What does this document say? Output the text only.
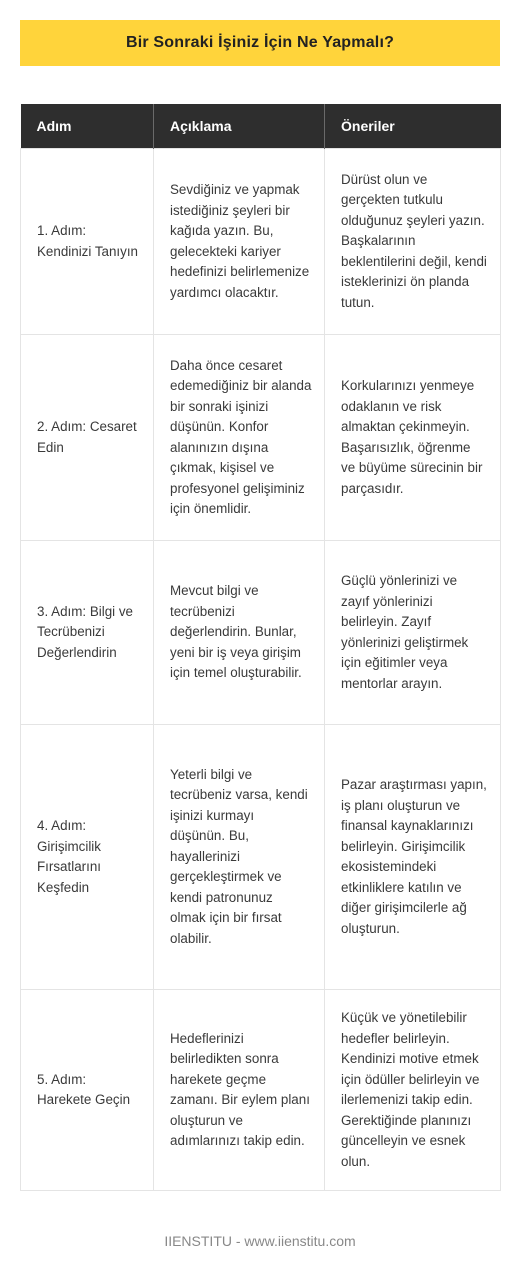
Bir Sonraki İşiniz İçin Ne Yapmalı?
Adım	Açıklama	Öneriler
1. Adım: Kendinizi Tanıyın	Sevdiğiniz ve yapmak istediğiniz şeyleri bir kağıda yazın. Bu, gelecekteki kariyer hedefinizi belirlemenize yardımcı olacaktır.	Dürüst olun ve gerçekten tutkulu olduğunuz şeyleri yazın. Başkalarının beklentilerini değil, kendi isteklerinizi ön planda tutun.
2. Adım: Cesaret Edin	Daha önce cesaret edemediğiniz bir alanda bir sonraki işinizi düşünün. Konfor alanınızın dışına çıkmak, kişisel ve profesyonel gelişiminiz için önemlidir.	Korkularınızı yenmeye odaklanın ve risk almaktan çekinmeyin. Başarısızlık, öğrenme ve büyüme sürecinin bir parçasıdır.
3. Adım: Bilgi ve Tecrübenizi Değerlendirin	Mevcut bilgi ve tecrübenizi değerlendirin. Bunlar, yeni bir iş veya girişim için temel oluşturabilir.	Güçlü yönlerinizi ve zayıf yönlerinizi belirleyin. Zayıf yönlerinizi geliştirmek için eğitimler veya mentorlar arayın.
4. Adım: Girişimcilik Fırsatlarını Keşfedin	Yeterli bilgi ve tecrübeniz varsa, kendi işinizi kurmayı düşünün. Bu, hayallerinizi gerçekleştirmek ve kendi patronunuz olmak için bir fırsat olabilir.	Pazar araştırması yapın, iş planı oluşturun ve finansal kaynaklarınızı belirleyin. Girişimcilik ekosistemindeki etkinliklere katılın ve diğer girişimcilerle ağ oluşturun.
5. Adım: Harekete Geçin	Hedeflerinizi belirledikten sonra harekete geçme zamanı. Bir eylem planı oluşturun ve adımlarınızı takip edin.	Küçük ve yönetilebilir hedefler belirleyin. Kendinizi motive etmek için ödüller belirleyin ve ilerlemenizi takip edin. Gerektiğinde planınızı güncelleyin ve esnek olun.
IIENSTITU - www.iienstitu.com
